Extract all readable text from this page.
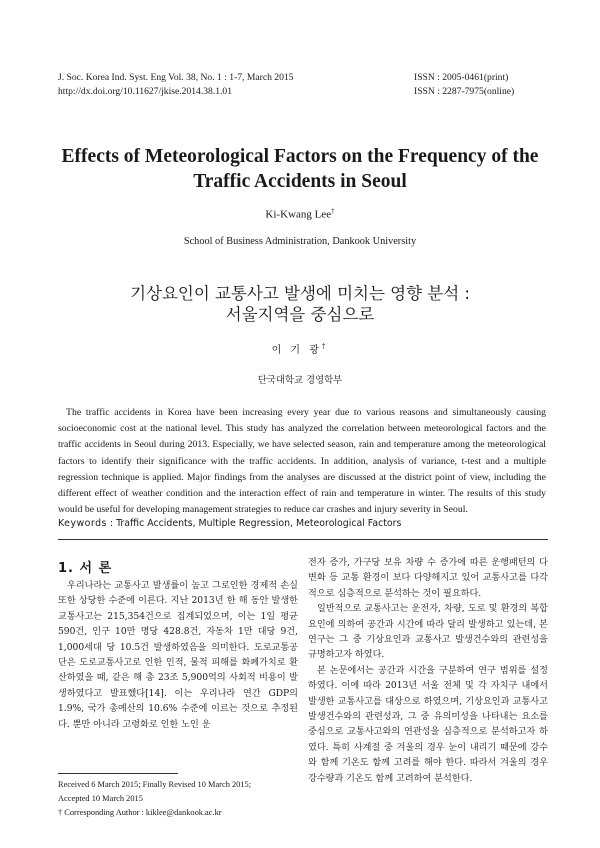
J. Soc. Korea Ind. Syst. Eng Vol. 38, No. 1 : 1-7, March 2015
http://dx.doi.org/10.11627/jkise.2014.38.1.01
ISSN : 2005-0461(print)
ISSN : 2287-7975(online)
Effects of Meteorological Factors on the Frequency of the
Traffic Accidents in Seoul
Ki-Kwang Lee†
School of Business Administration, Dankook University
기상요인이 교통사고 발생에 미치는 영향 분석 :
서울지역을 중심으로
이 기 광†
단국대학교 경영학부

The traffic accidents in Korea have been increasing every year due to various reasons and simultaneously causing socioeconomic cost at the national level. This study has analyzed the correlation between meteorological factors and the traffic accidents in Seoul during 2013. Especially, we have selected season, rain and temperature among the meteorological factors to identify their significance with the traffic accidents. In addition, analysis of variance, t-test and a multiple regression technique is applied. Major findings from the analyses are discussed at the district point of view, including the different effect of weather condition and the interaction effect of rain and temperature in winter. The results of this study would be useful for developing management strategies to reduce car crashes and injury severity in Seoul.

Keywords : Traffic Accidents, Multiple Regression, Meteorological Factors
1. 서 론

우리나라는 교통사고 발생률이 높고 그로인한 경제적 손실 또한 상당한 수준에 이른다. 지난 2013년 한 해 동안 발생한 교통사고는 215,354건으로 집계되었으며, 이는 1일 평균 590건, 인구 10만 명당 428.8건, 자동차 1만 대당 9건, 1,000세대 당 10.5건 발생하였음을 의미한다. 도로교통공단은 도로교통사고로 인한 인적, 물적 피해를 화폐가치로 환산하였을 때, 같은 해 총 23조 5,900억의 사회적 비용이 발생하였다고 발표했다[14]. 이는 우리나라 연간 GDP의 1.9%, 국가 총예산의 10.6% 수준에 이르는 것으로 추정된다. 뿐만 아니라 고령화로 인한 노인 운

전자 증가, 가구당 보유 차량 수 증가에 따른 운행패턴의 다변화 등 교통 환경이 보다 다양해지고 있어 교통사고를 다각적으로 심층적으로 분석하는 것이 필요하다.

일반적으로 교통사고는 운전자, 차량, 도로 및 환경의 복합요인에 의하여 공간과 시간에 따라 달리 발생하고 있는데, 본 연구는 그 중 기상요인과 교통사고 발생건수와의 관련성을 규명하고자 하였다.

본 논문에서는 공간과 시간을 구분하여 연구 범위를 설정하였다. 이에 따라 2013년 서울 전체 및 각 자치구 내에서 발생한 교통사고를 대상으로 하였으며, 기상요인과 교통사고 발생건수와의 관련성과, 그 중 유의미성을 나타내는 요소를 중심으로 교통사고와의 연관성을 심층적으로 분석하고자 하였다. 특히 사계절 중 겨울의 경우 눈이 내리기 때문에 강수와 함께 기온도 함께 고려를 해야 한다. 따라서 겨울의 경우 강수량과 기온도 함께 고려하여 분석한다.

Received 6 March 2015; Finally Revised 10 March 2015;
Accepted 10 March 2015
† Corresponding Author : kiklee@dankook.ac.kr
